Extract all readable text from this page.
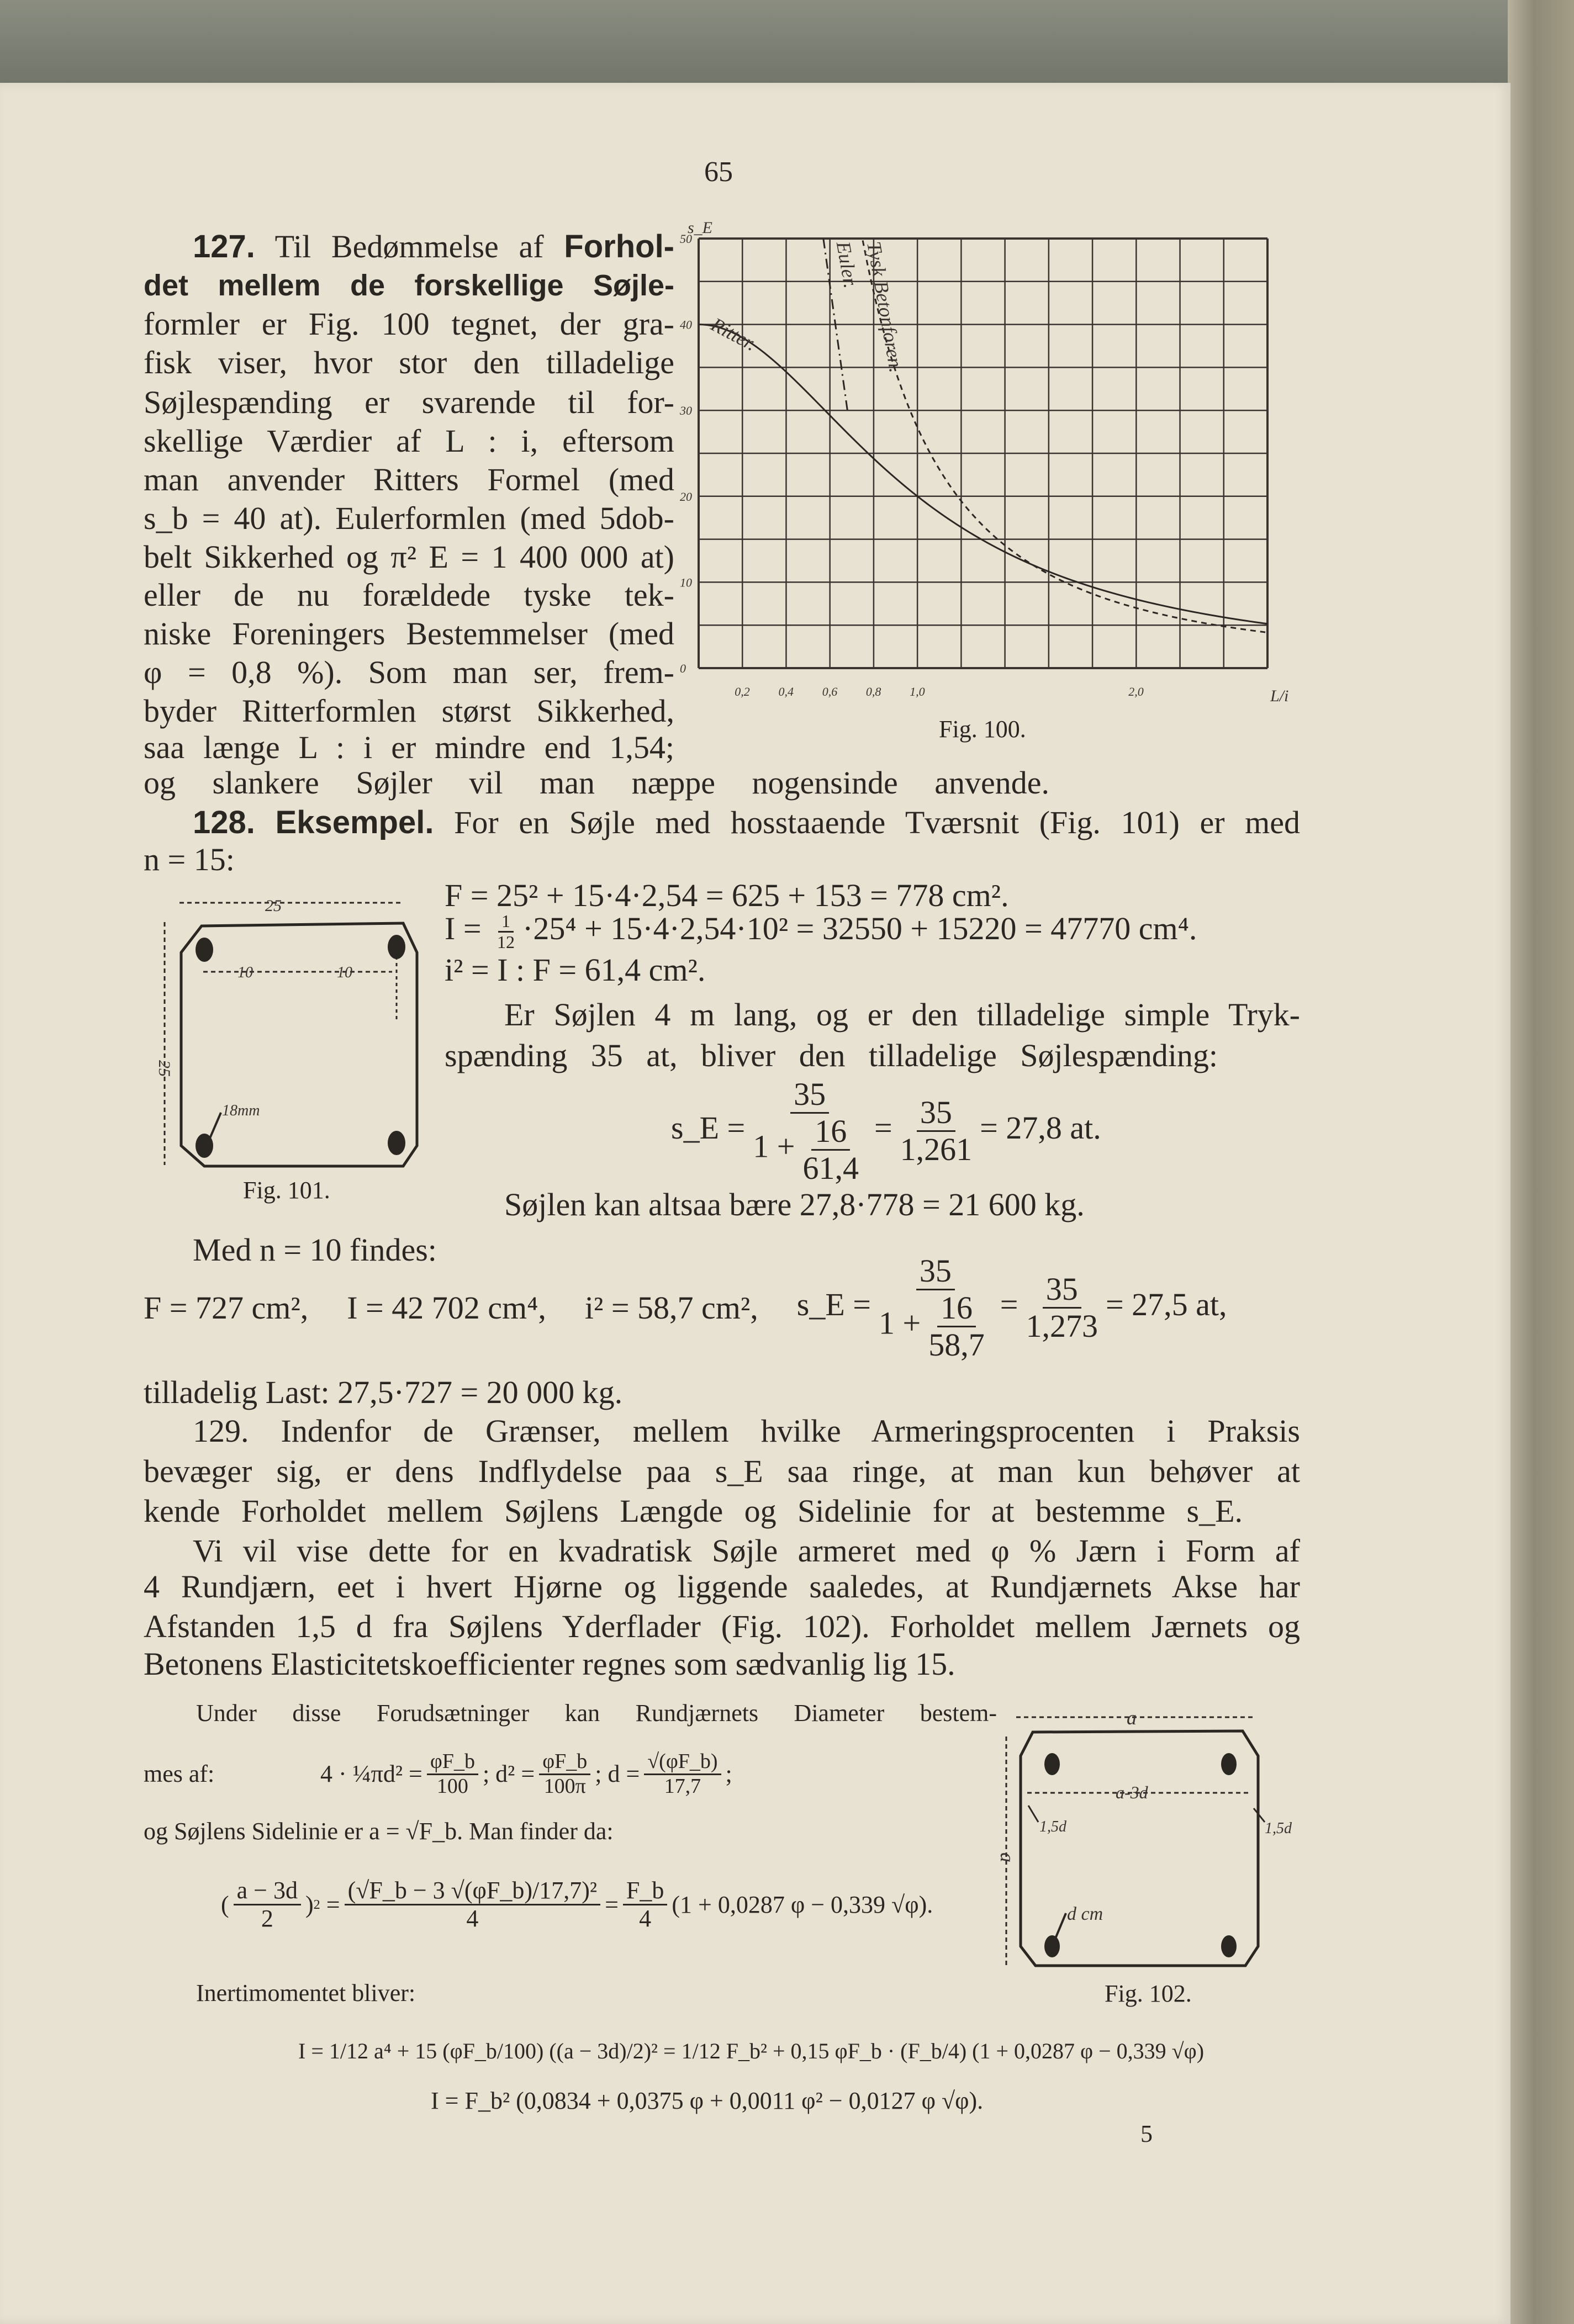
65
127. Til Bedømmelse af Forhol-
det mellem de forskellige Søjle-
formler er Fig. 100 tegnet, der gra-
fisk viser, hvor stor den tilladelige
Søjlespænding er svarende til for-
skellige Værdier af L : i, eftersom
man anvender Ritters Formel (med
s_b = 40 at). Eulerformlen (med 5dob-
belt Sikkerhed og π² E = 1 400 000 at)
eller de nu forældede tyske tek-
niske Foreningers Bestemmelser (med
φ = 0,8 %). Som man ser, frem-
byder Ritterformlen størst Sikkerhed,
saa længe L : i er mindre end 1,54;
og slankere Søjler vil man næppe nogensinde anvende.
0,2 0,4 0,6 0,8 1,0	2,0
0
10
20
30
40
50
s_E
L/i
Ritter.
Euler. Tysk Betonforen.
Fig. 100.
128. Eksempel. For en Søjle med hosstaaende Tværsnit (Fig. 101) er med
n = 15:
25
25
10	10
18mm
Fig. 101.
F = 25² + 15·4·2,54 = 625 + 153 = 778 cm².
$I = \frac{1}{12} \cdot 25^4 + 15\cdot 4\cdot 2,54\cdot 10^2 = 32550 + 15220 = 47770$ cm⁴.
i² = I : F = 61,4 cm².
Er Søjlen 4 m lang, og er den tilladelige simple Tryk-
spænding 35 at, bliver den tilladelige Søjlespænding:
s_E = $\frac{35}{1 + \frac{16}{61,4}} = \frac{35}{1,261} = 27,8$ at.
Søjlen kan altsaa bære 27,8·778 = 21 600 kg.
Med n = 10 findes:
F = 727 cm², I = 42 702 cm⁴, i² = 58,7 cm², s_E = $\frac{35}{1 + \frac{16}{58,7}} = \frac{35}{1,273} = 27,5$ at,
tilladelig Last: 27,5·727 = 20 000 kg.
129. Indenfor de Grænser, mellem hvilke Armeringsprocenten i Praksis
bevæger sig, er dens Indflydelse paa s_E saa ringe, at man kun behøver at
kende Forholdet mellem Søjlens Længde og Sidelinie for at bestemme s_E.
Vi vil vise dette for en kvadratisk Søjle armeret med φ % Jærn i Form af
4 Rundjærn, eet i hvert Hjørne og liggende saaledes, at Rundjærnets Akse har
Afstanden 1,5 d fra Søjlens Yderflader (Fig. 102). Forholdet mellem Jærnets og
Betonens Elasticitetskoefficienter regnes som sædvanlig lig 15.
Under disse Forudsætninger kan Rundjærnets Diameter bestem-
mes af:	4 · ¼πd² = $\frac{\varphi F\_b}{100}$ ; $d^2 = \frac{\varphi F\_b}{100\pi}$ ; $d = \frac{√(\varphi F\_b)}{17,7}$ ;
og Søjlens Sidelinie er a = √F_b. Man finder da:
( $\frac{a - 3d}{2}$ ) $2 = \frac{\text{(√F\_b − 3 √(φF\_b)/17,7)²}}{4} = \frac{F\_b}{4} (1 + 0,0287$ φ − 0,339 √φ).
Inertimomentet bliver:
I = 1/12 a⁴ + 15 (φF_b/100) ((a − 3d)/2)² = 1/12 F_b² + 0,15 φF_b · (F_b/4) (1 + 0,0287 φ − 0,339 √φ)
I = F_b² (0,0834 + 0,0375 φ + 0,0011 φ² − 0,0127 φ √φ).
5
a
a
a-3d
1,5d	1,5d
d cm
Fig. 102.
